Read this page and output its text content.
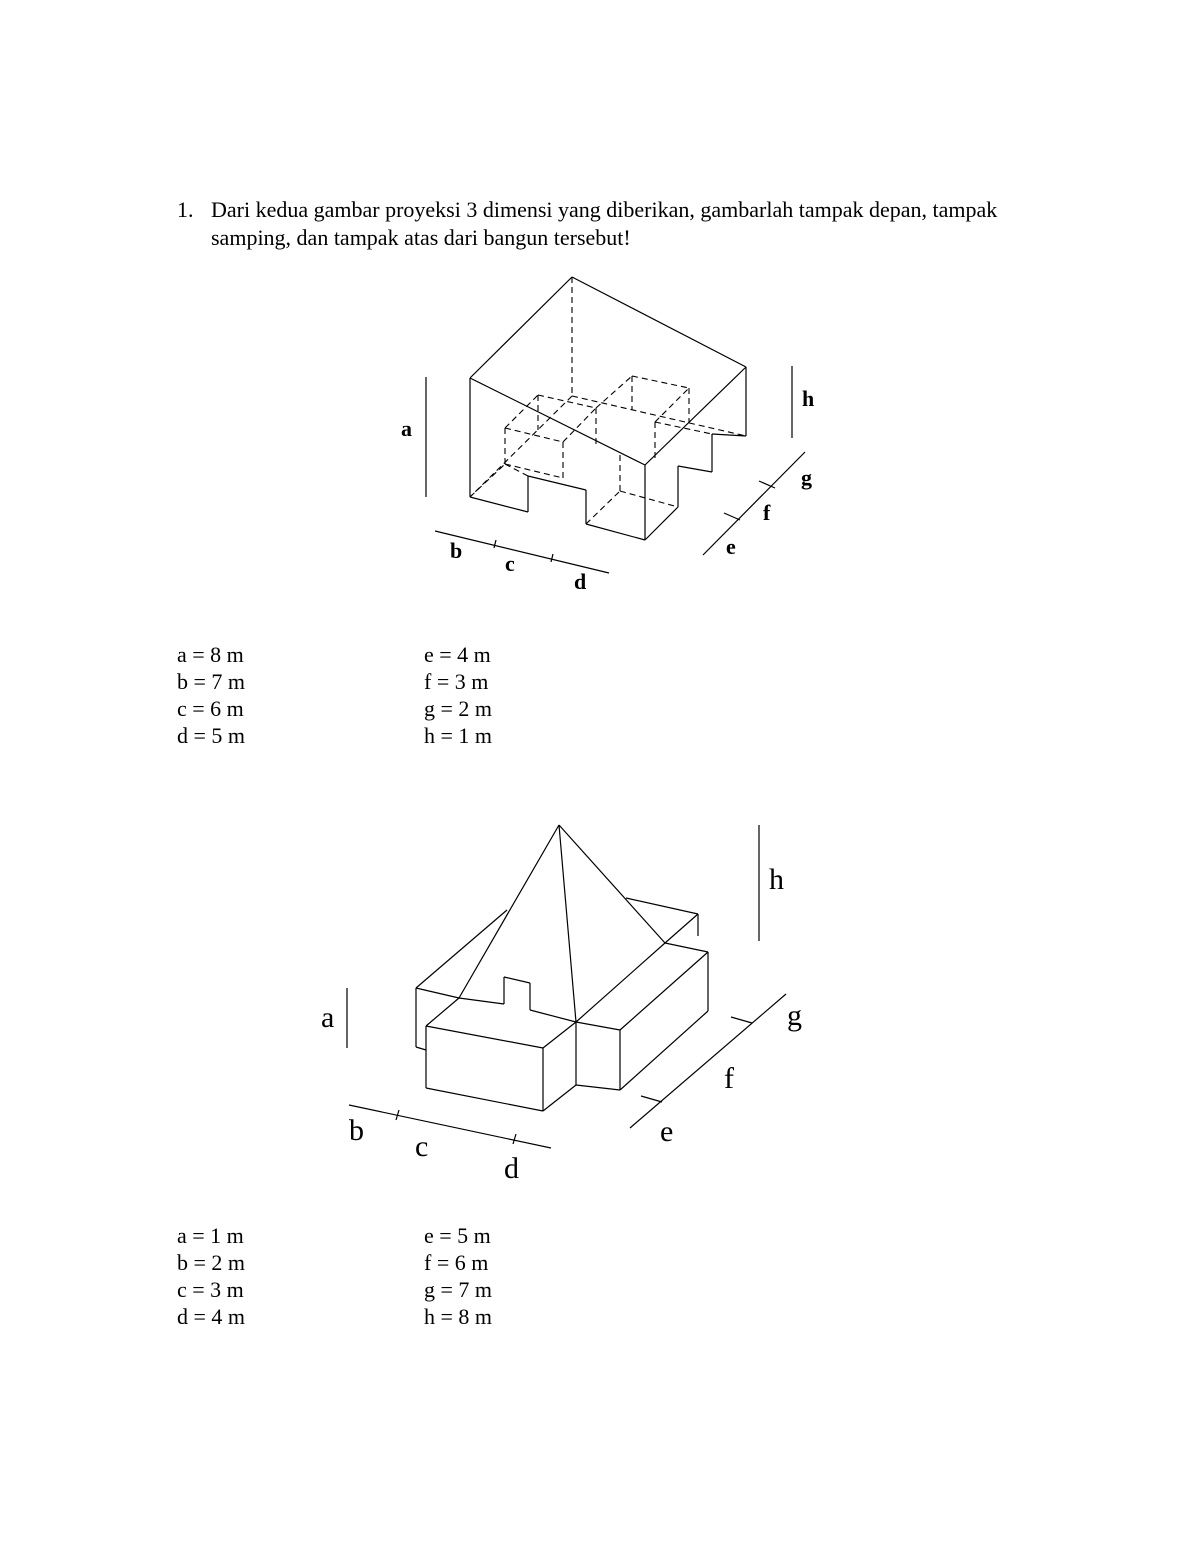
1. Dari kedua gambar proyeksi 3 dimensi yang diberikan, gambarlah tampak depan, tampak samping, dan tampak atas dari bangun tersebut!
a
h
g
f
e
b
c
d
a
h
g
f
e
b c
d
a = 8 m
b = 7 m
c = 6 m
d = 5 m
e = 4 m
f = 3 m
g = 2 m
h = 1 m
a = 1 m
b = 2 m
c = 3 m
d = 4 m
e = 5 m
f = 6 m
g = 7 m
h = 8 m
